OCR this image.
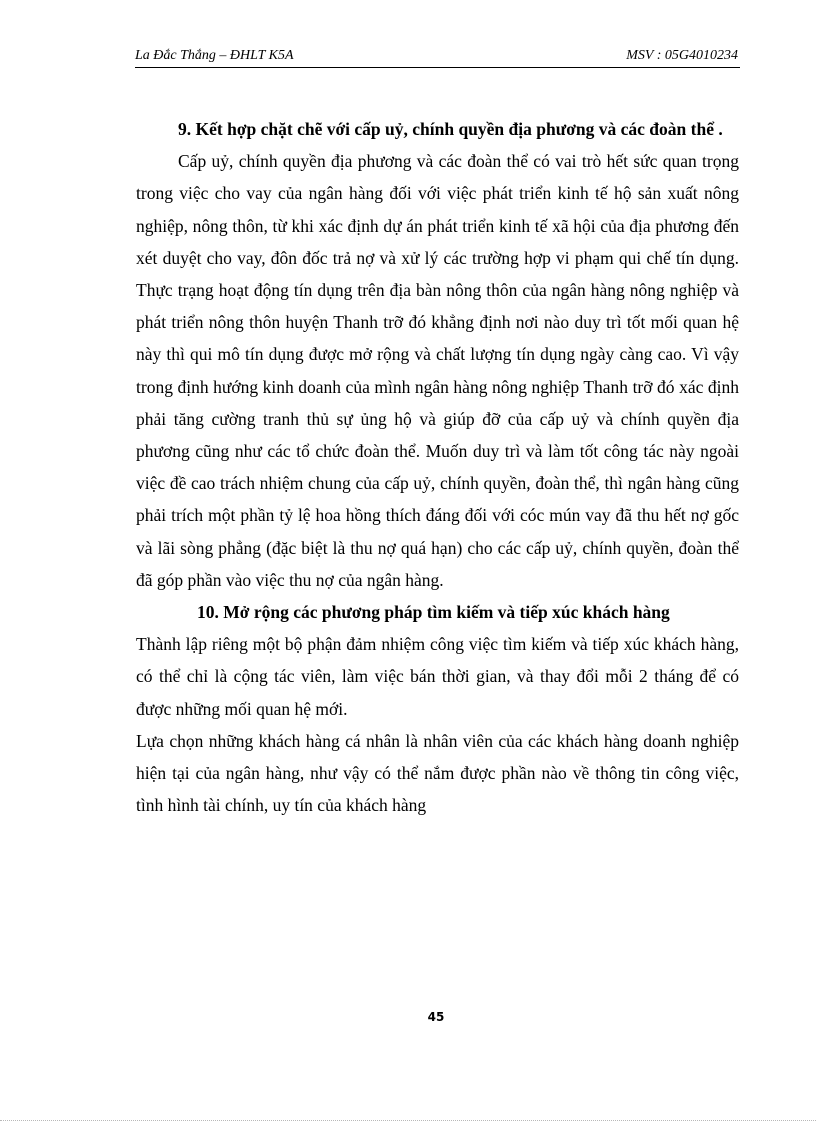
La Đắc Thắng – ĐHLT K5A	MSV : 05G4010234

9. Kết hợp chặt chẽ với cấp uỷ, chính quyền địa phương và các đoàn thể .

Cấp uỷ, chính quyền địa phương và các đoàn thể có vai trò hết sức quan trọng trong việc cho vay của ngân hàng đối với việc phát triển kinh tế hộ sản xuất nông nghiệp, nông thôn, từ khi xác định dự án phát triển kinh tế xã hội của địa phương đến xét duyệt cho vay, đôn đốc trả nợ và xử lý các trường hợp vi phạm qui chế tín dụng. Thực trạng hoạt động tín dụng trên địa bàn nông thôn của ngân hàng nông nghiệp và phát triển nông thôn huyện Thanh trỡ đó khẳng định nơi nào duy trì tốt mối quan hệ này thì qui mô tín dụng được mở rộng và chất lượng tín dụng ngày càng cao. Vì vậy trong định hướng kinh doanh của mình ngân hàng nông nghiệp Thanh trỡ đó xác định phải tăng cường tranh thủ sự ủng hộ và giúp đỡ của cấp uỷ và chính quyền địa phương cũng như các tổ chức đoàn thể. Muốn duy trì và làm tốt công tác này ngoài việc đề cao trách nhiệm chung của cấp uỷ, chính quyền, đoàn thể, thì ngân hàng cũng phải trích một phần tỷ lệ hoa hồng thích đáng đối với cóc mún vay đã thu hết nợ gốc và lãi sòng phẳng (đặc biệt là thu nợ quá hạn) cho các cấp uỷ, chính quyền, đoàn thể đã góp phần vào việc thu nợ của ngân hàng.

10. Mở rộng các phương pháp tìm kiếm và tiếp xúc khách hàng

Thành lập riêng một bộ phận đảm nhiệm công việc tìm kiếm và tiếp xúc khách hàng, có thể chỉ là cộng tác viên, làm việc bán thời gian, và thay đổi mỗi 2 tháng để có được những mối quan hệ mới.

Lựa chọn những khách hàng cá nhân là nhân viên của các khách hàng doanh nghiệp hiện tại của ngân hàng, như vậy có thể nắm được phần nào về thông tin công việc, tình hình tài chính, uy tín của khách hàng

45
